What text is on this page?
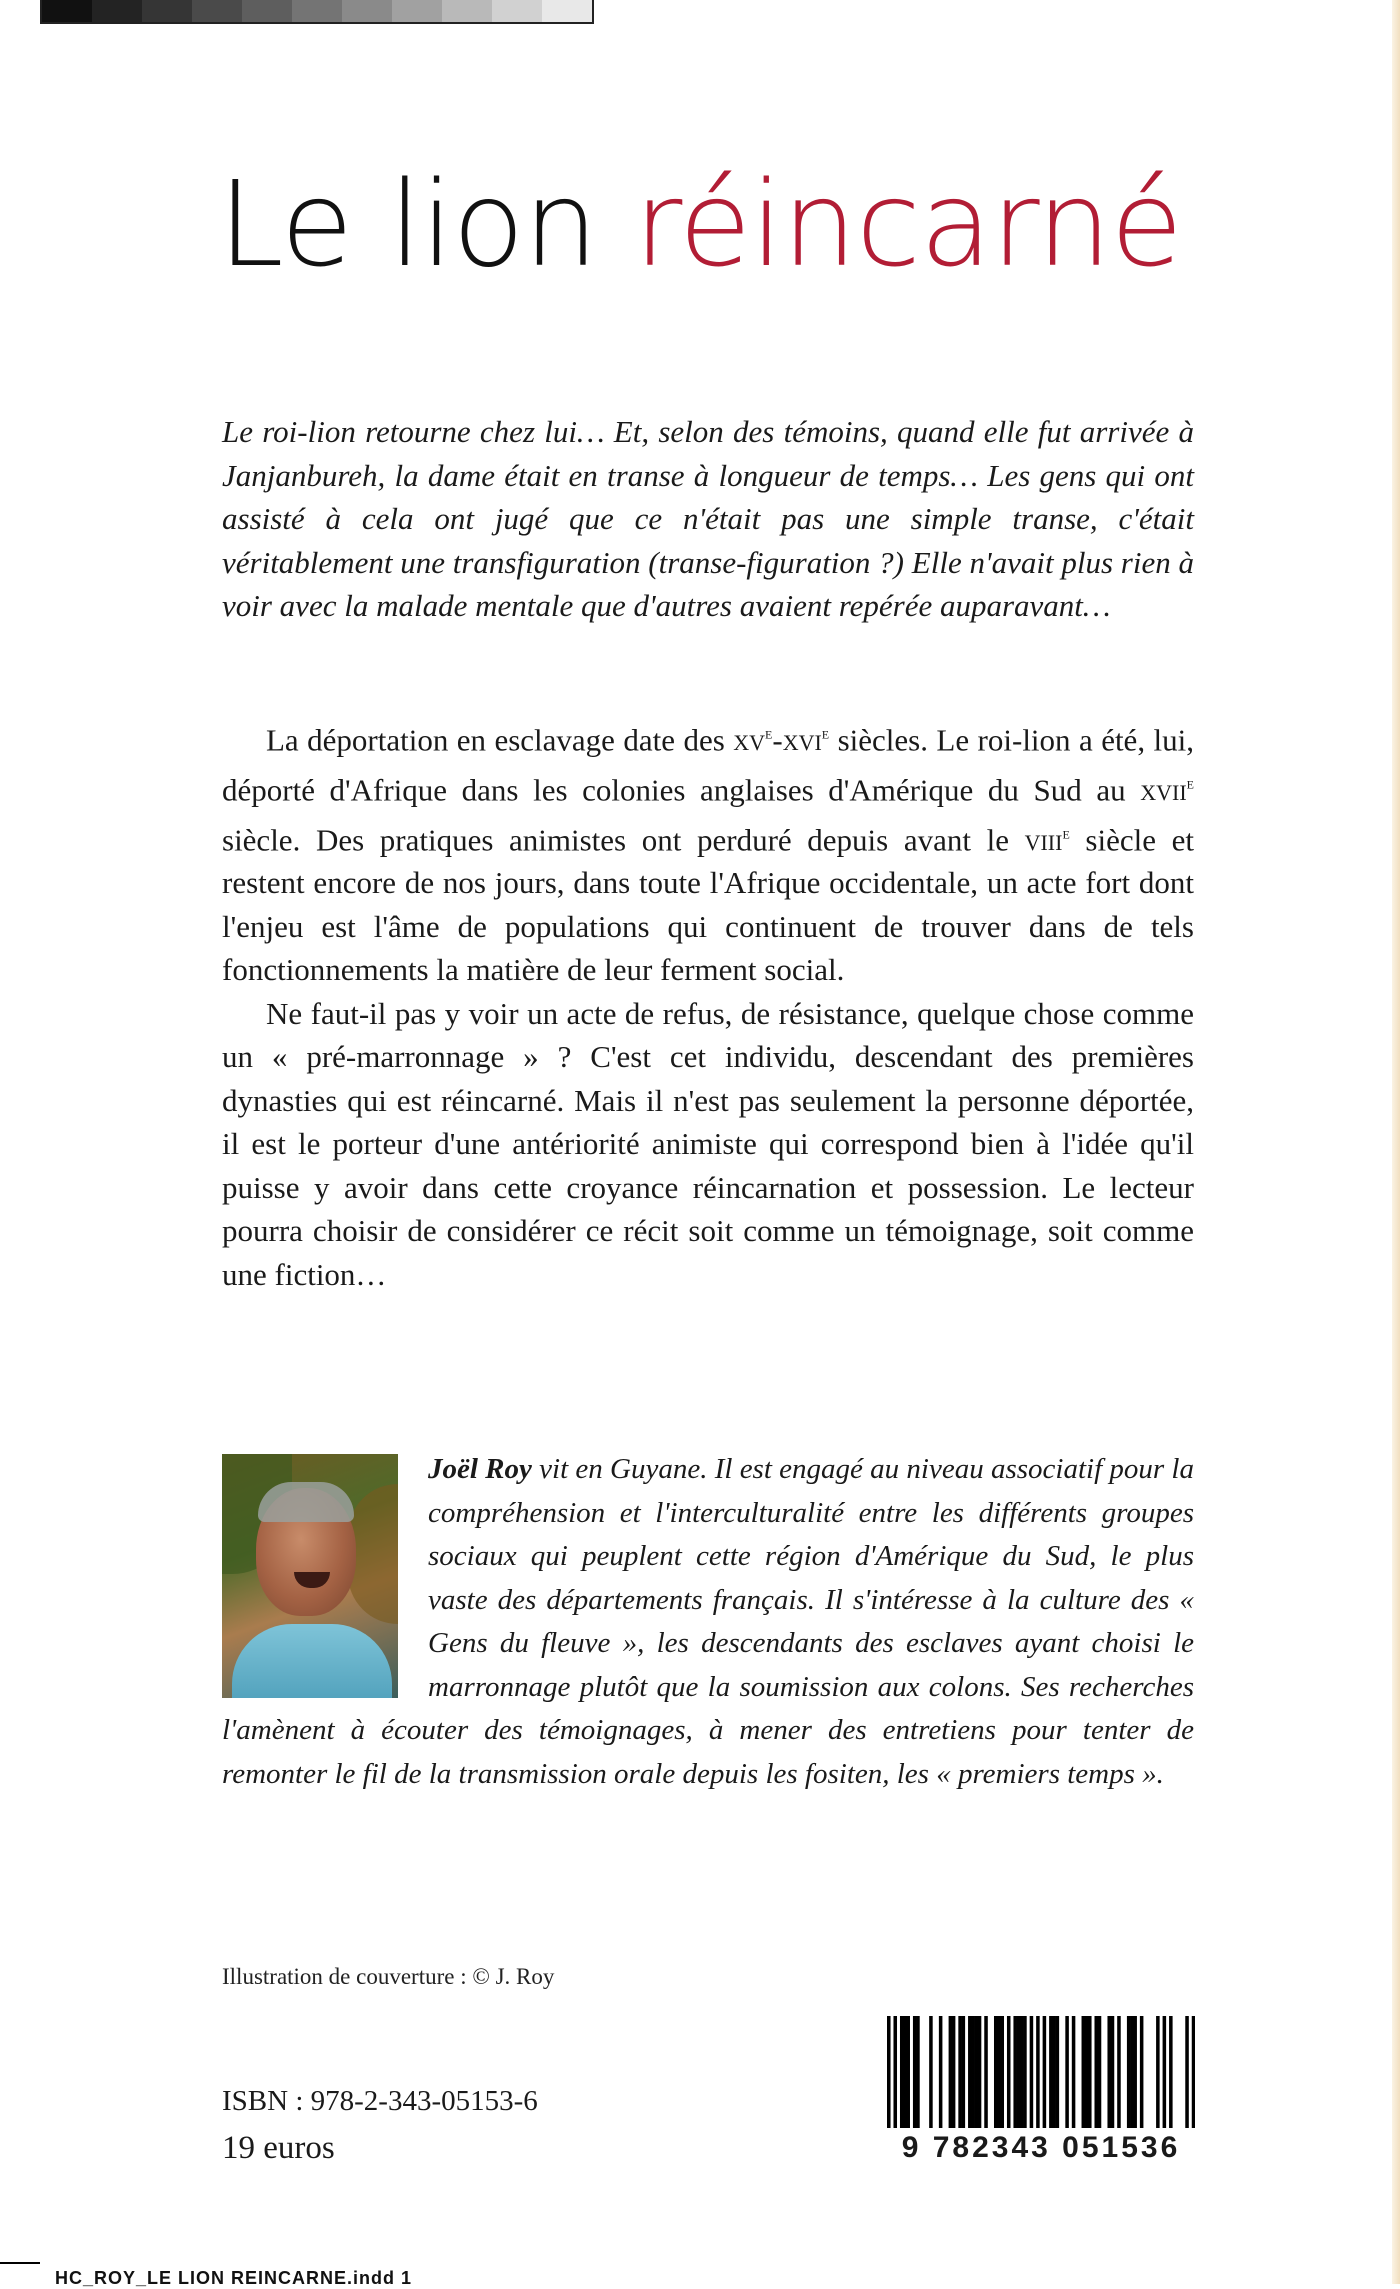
Le lion réincarné
Le roi-lion retourne chez lui… Et, selon des témoins, quand elle fut arrivée à Janjanbureh, la dame était en transe à longueur de temps… Les gens qui ont assisté à cela ont jugé que ce n'était pas une simple transe, c'était véritablement une transfiguration (transe-figuration ?) Elle n'avait plus rien à voir avec la malade mentale que d'autres avaient repérée auparavant…

La déportation en esclavage date des $xv^e-xvi^e$ siècles. Le roi-lion a été, lui, déporté d'Afrique dans les colonies anglaises d'Amérique du Sud au xvii$^e$ siècle. Des pratiques animistes ont perduré depuis avant le viii$^e$ siècle et restent encore de nos jours, dans toute l'Afrique occidentale, un acte fort dont l'enjeu est l'âme de populations qui continuent de trouver dans de tels fonctionnements la matière de leur ferment social.

Ne faut-il pas y voir un acte de refus, de résistance, quelque chose comme un « pré-marronnage » ? C'est cet individu, descendant des premières dynasties qui est réincarné. Mais il n'est pas seulement la personne déportée, il est le porteur d'une antériorité animiste qui correspond bien à l'idée qu'il puisse y avoir dans cette croyance réincarnation et possession. Le lecteur pourra choisir de considérer ce récit soit comme un témoignage, soit comme une fiction…

Joël Roy vit en Guyane. Il est engagé au niveau associatif pour la compréhension et l'interculturalité entre les différents groupes sociaux qui peuplent cette région d'Amérique du Sud, le plus vaste des départements français. Il s'intéresse à la culture des « Gens du fleuve », les descendants des esclaves ayant choisi le marronnage plutôt que la soumission aux colons. Ses recherches l'amènent à écouter des témoignages, à mener des entretiens pour tenter de remonter le fil de la transmission orale depuis les fositen, les « premiers temps ».
Illustration de couverture : © J. Roy
ISBN : 978-2-343-05153-6
19 euros	9 782343 051536
HC_ROY_LE LION REINCARNE.indd 1
